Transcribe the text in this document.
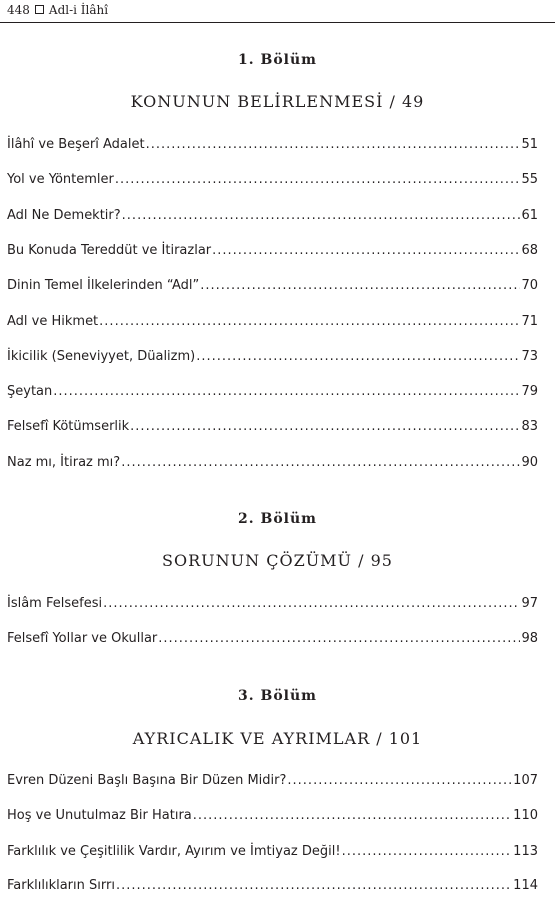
448 Adl-i İlâhî
1. Bölüm
KONUNUN BELİRLENMESİ / 49
İlâhî ve Beşerî Adalet .....	51
Yol ve Yöntemler .....	55
Adl Ne Demektir? .....	61
Bu Konuda Tereddüt ve İtirazlar .....	68
Dinin Temel İlkelerinden “Adl” .....	70
Adl ve Hikmet .....	71
İkicilik (Seneviyyet, Düalizm) .....	73
Şeytan .....	79
Felsefî Kötümserlik .....	83
Naz mı, İtiraz mı? .....	90
2. Bölüm
SORUNUN ÇÖZÜMÜ / 95
İslâm Felsefesi .....	97
Felsefî Yollar ve Okullar .....	98
3. Bölüm
AYRICALIK VE AYRIMLAR / 101
Evren Düzeni Başlı Başına Bir Düzen Midir? .....	107
Hoş ve Unutulmaz Bir Hatıra .....	110
Farklılık ve Çeşitlilik Vardır, Ayırım ve İmtiyaz Değil! .....	113
Farklılıkların Sırrı .....	114
